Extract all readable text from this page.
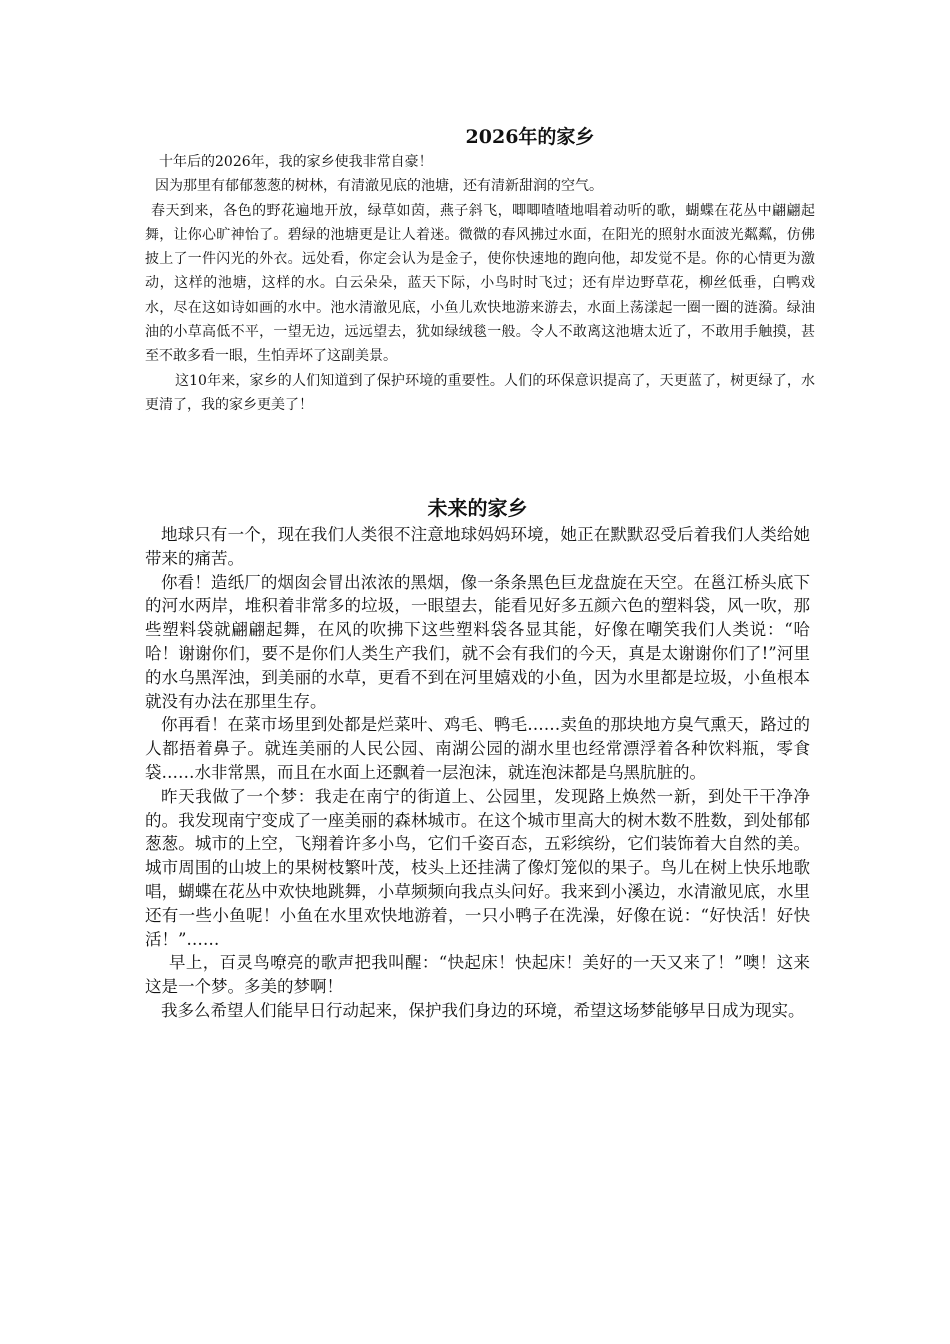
2026年的家乡

十年后的2026年，我的家乡使我非常自豪！

因为那里有郁郁葱葱的树林，有清澈见底的池塘，还有清新甜润的空气。

春天到来，各色的野花遍地开放，绿草如茵，燕子斜飞，唧唧喳喳地唱着动听的歌，蝴蝶在花丛中翩翩起舞，让你心旷神怡了。碧绿的池塘更是让人着迷。微微的春风拂过水面，在阳光的照射水面波光粼粼，仿佛披上了一件闪光的外衣。远处看，你定会认为是金子，使你快速地的跑向他，却发觉不是。你的心情更为激动，这样的池塘，这样的水。白云朵朵，蓝天下际，小鸟时时飞过；还有岸边野草花，柳丝低垂，白鸭戏水，尽在这如诗如画的水中。池水清澈见底，小鱼儿欢快地游来游去，水面上荡漾起一圈一圈的涟漪。绿油油的小草高低不平，一望无边，远远望去，犹如绿绒毯一般。令人不敢离这池塘太近了，不敢用手触摸，甚至不敢多看一眼，生怕弄坏了这副美景。

这10年来，家乡的人们知道到了保护环境的重要性。人们的环保意识提高了，天更蓝了，树更绿了，水更清了，我的家乡更美了！

未来的家乡

地球只有一个，现在我们人类很不注意地球妈妈环境，她正在默默忍受后着我们人类给她带来的痛苦。

你看！造纸厂的烟囱会冒出浓浓的黑烟，像一条条黑色巨龙盘旋在天空。在邕江桥头底下的河水两岸，堆积着非常多的垃圾，一眼望去，能看见好多五颜六色的塑料袋，风一吹，那些塑料袋就翩翩起舞，在风的吹拂下这些塑料袋各显其能，好像在嘲笑我们人类说：“哈哈！谢谢你们，要不是你们人类生产我们，就不会有我们的今天，真是太谢谢你们了!”河里的水乌黑浑浊，到美丽的水草，更看不到在河里嬉戏的小鱼，因为水里都是垃圾，小鱼根本就没有办法在那里生存。

你再看！在菜市场里到处都是烂菜叶、鸡毛、鸭毛……卖鱼的那块地方臭气熏天，路过的人都捂着鼻子。就连美丽的人民公园、南湖公园的湖水里也经常漂浮着各种饮料瓶，零食袋……水非常黑，而且在水面上还飘着一层泡沫，就连泡沫都是乌黑肮脏的。

昨天我做了一个梦：我走在南宁的街道上、公园里，发现路上焕然一新，到处干干净净的。我发现南宁变成了一座美丽的森林城市。在这个城市里高大的树木数不胜数，到处郁郁葱葱。城市的上空，飞翔着许多小鸟，它们千姿百态，五彩缤纷，它们装饰着大自然的美。城市周围的山坡上的果树枝繁叶茂，枝头上还挂满了像灯笼似的果子。鸟儿在树上快乐地歌唱，蝴蝶在花丛中欢快地跳舞，小草频频向我点头问好。我来到小溪边，水清澈见底，水里还有一些小鱼呢！小鱼在水里欢快地游着，一只小鸭子在洗澡，好像在说：“好快活！好快活！”……

早上，百灵鸟嘹亮的歌声把我叫醒：“快起床！快起床！美好的一天又来了！”噢！这来这是一个梦。多美的梦啊！

我多么希望人们能早日行动起来，保护我们身边的环境，希望这场梦能够早日成为现实。
